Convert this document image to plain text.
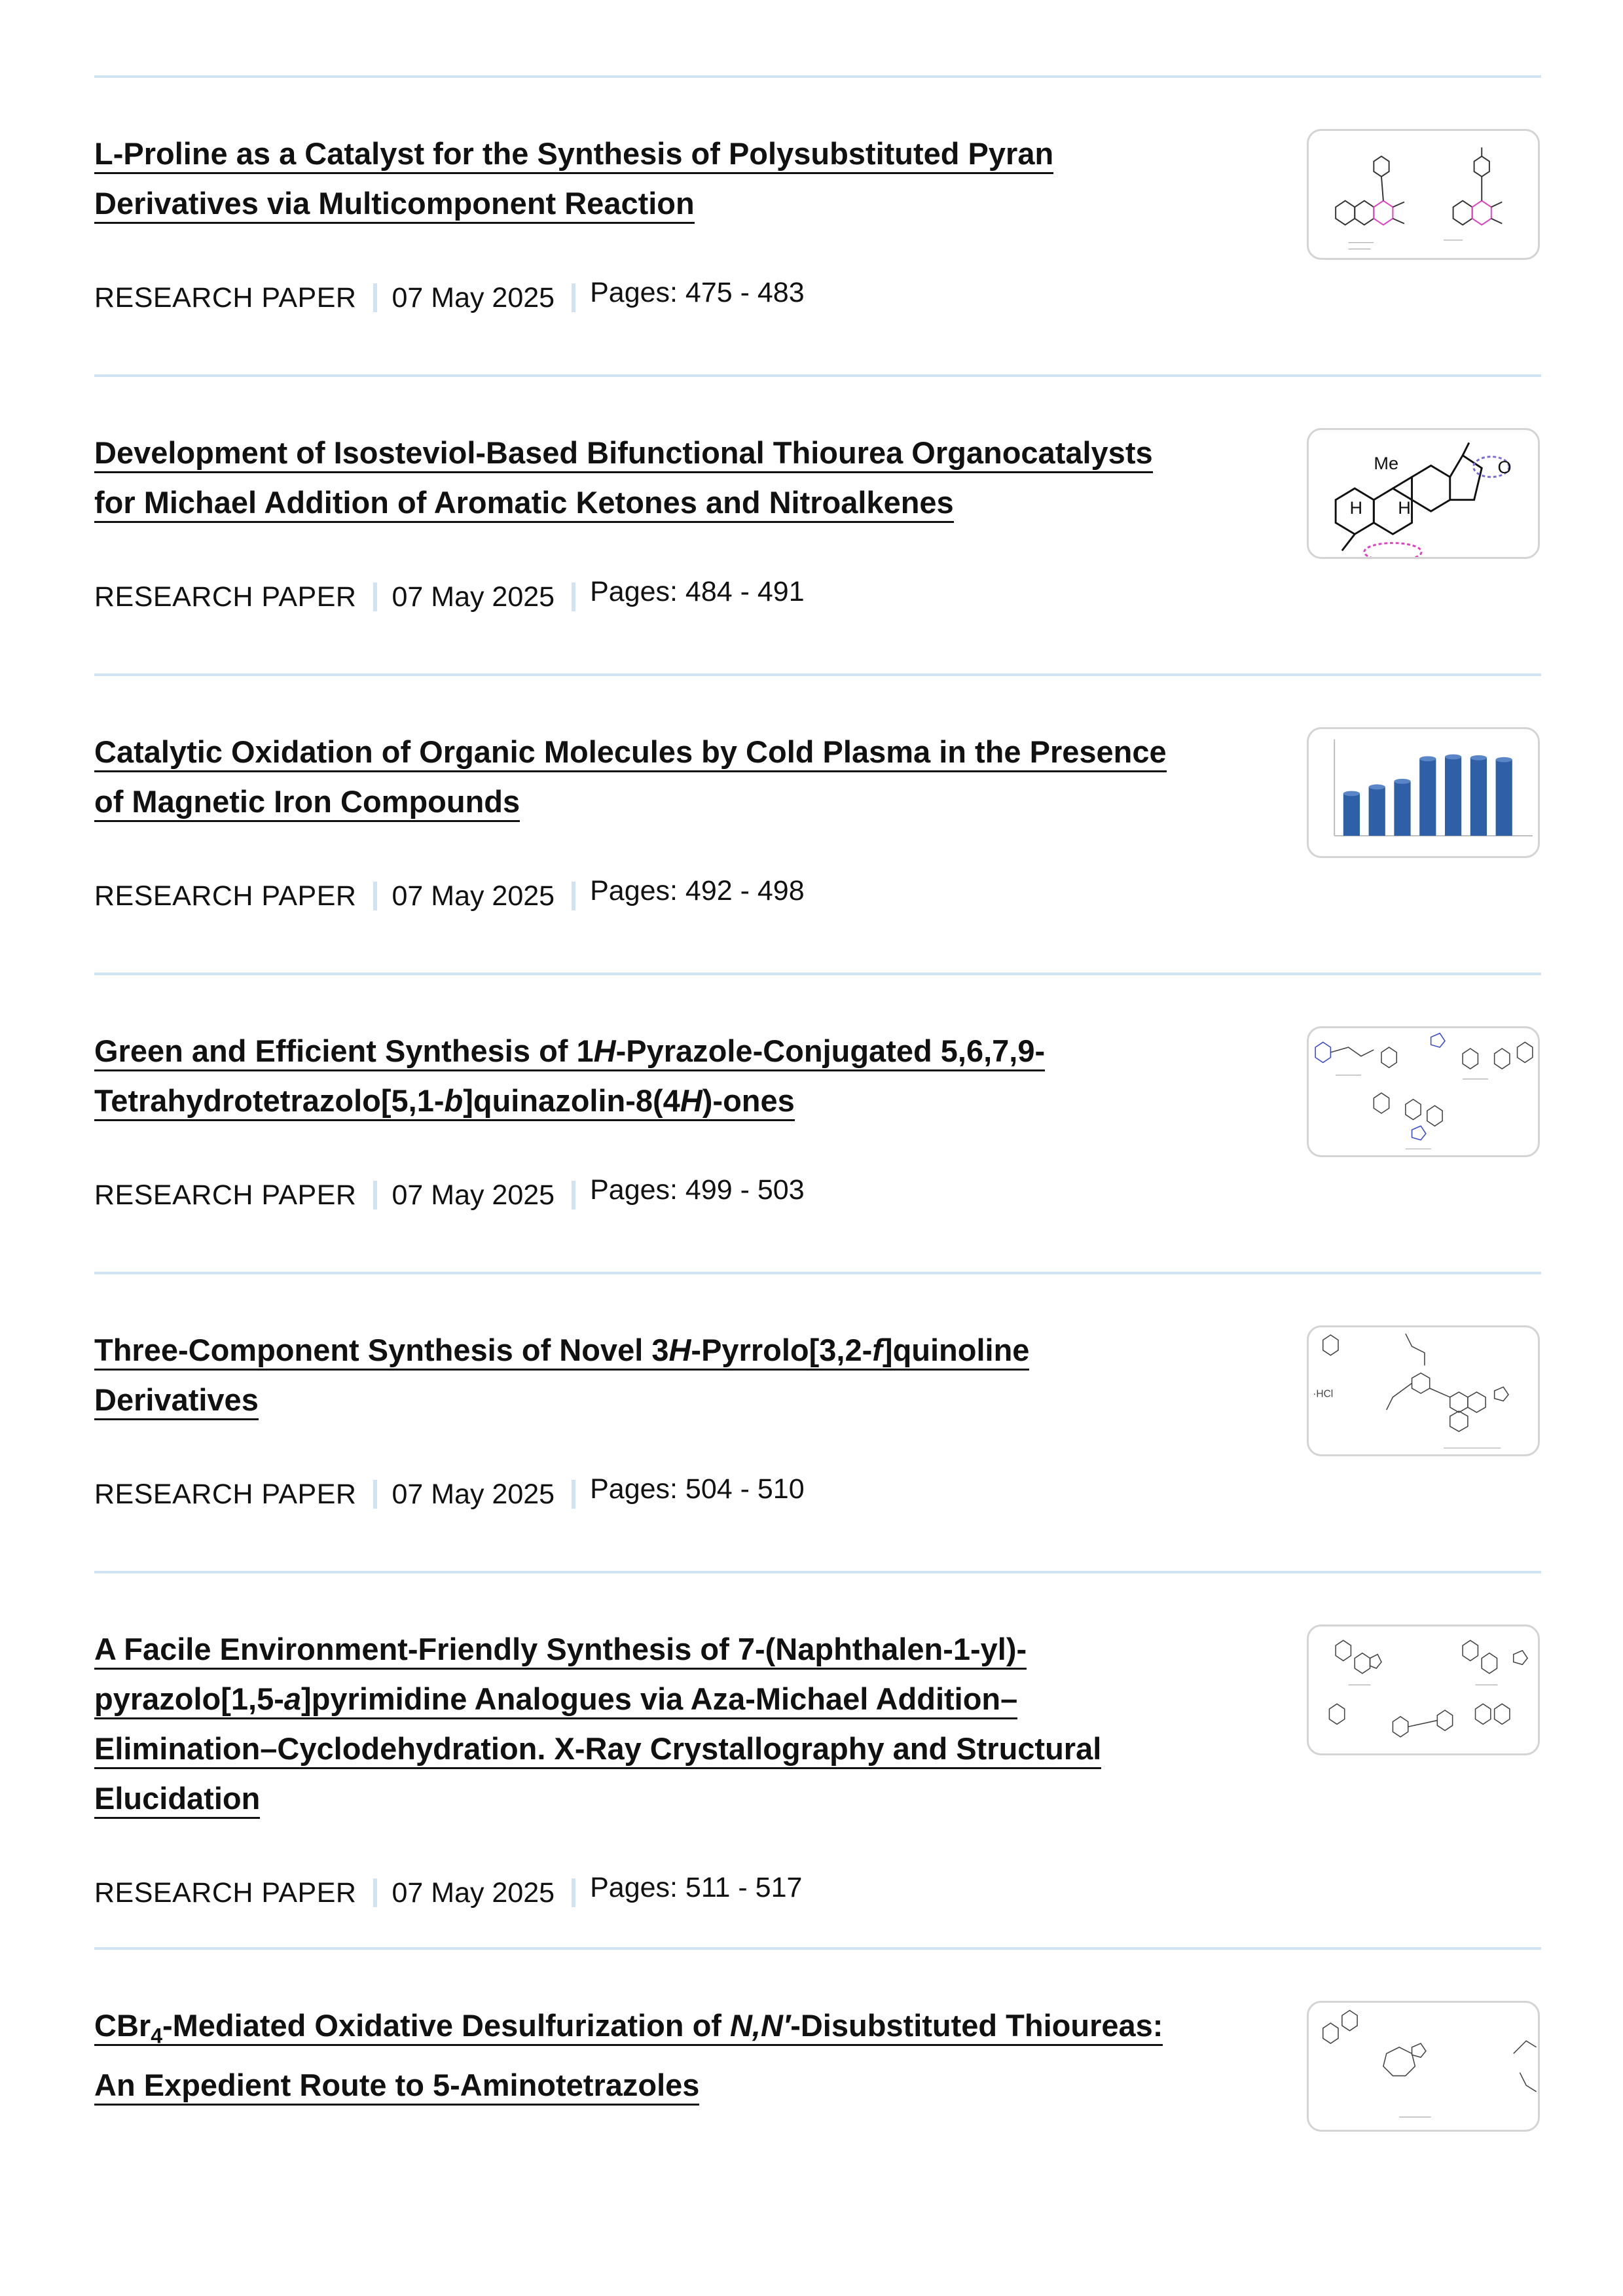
L-Proline as a Catalyst for the Synthesis of Polysubstituted Pyran
Derivatives via Multicomponent Reaction
RESEARCH PAPER 07 May 2025 Pages: 475 - 483
Development of Isosteviol-Based Bifunctional Thiourea Organocatalysts
for Michael Addition of Aromatic Ketones and Nitroalkenes
RESEARCH PAPER 07 May 2025 Pages: 484 - 491
Me
H H
O
Catalytic Oxidation of Organic Molecules by Cold Plasma in the Presence
of Magnetic Iron Compounds
RESEARCH PAPER 07 May 2025 Pages: 492 - 498
Green and Efficient Synthesis of 1H-Pyrazole-Conjugated 5,6,7,9-
Tetrahydrotetrazolo[5,1-b]quinazolin-8(4H)-ones
RESEARCH PAPER 07 May 2025 Pages: 499 - 503
Three-Component Synthesis of Novel 3H-Pyrrolo[3,2-f]quinoline
Derivatives
RESEARCH PAPER 07 May 2025 Pages: 504 - 510
·HCl
A Facile Environment-Friendly Synthesis of 7-(Naphthalen-1-yl)-
pyrazolo[1,5-a]pyrimidine Analogues via Aza-Michael Addition–
Elimination–Cyclodehydration. X-Ray Crystallography and Structural
Elucidation
RESEARCH PAPER 07 May 2025 Pages: 511 - 517
CBr$_4$-Mediated Oxidative Desulfurization of N,N′-Disubstituted Thioureas:
An Expedient Route to 5-Aminotetrazoles
